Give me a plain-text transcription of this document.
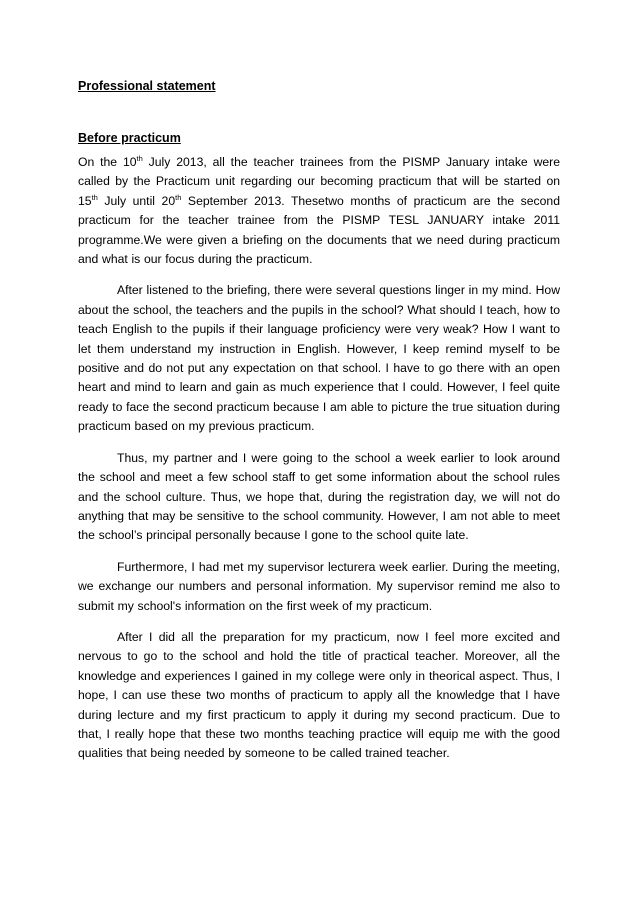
Professional statement

Before practicum

On the 10th July 2013, all the teacher trainees from the PISMP January intake were called by the Practicum unit regarding our becoming practicum that will be started on 15th July until 20th September 2013. Thesetwo months of practicum are the second practicum for the teacher trainee from the PISMP TESL JANUARY intake 2011 programme.We were given a briefing on the documents that we need during practicum and what is our focus during the practicum.

After listened to the briefing, there were several questions linger in my mind. How about the school, the teachers and the pupils in the school? What should I teach, how to teach English to the pupils if their language proficiency were very weak? How I want to let them understand my instruction in English. However, I keep remind myself to be positive and do not put any expectation on that school. I have to go there with an open heart and mind to learn and gain as much experience that I could. However, I feel quite ready to face the second practicum because I am able to picture the true situation during practicum based on my previous practicum.

Thus, my partner and I were going to the school a week earlier to look around the school and meet a few school staff to get some information about the school rules and the school culture. Thus, we hope that, during the registration day, we will not do anything that may be sensitive to the school community. However, I am not able to meet the school’s principal personally because I gone to the school quite late.

Furthermore, I had met my supervisor lecturera week earlier. During the meeting, we exchange our numbers and personal information. My supervisor remind me also to submit my school's information on the first week of my practicum.

After I did all the preparation for my practicum, now I feel more excited and nervous to go to the school and hold the title of practical teacher. Moreover, all the knowledge and experiences I gained in my college were only in theorical aspect. Thus, I hope, I can use these two months of practicum to apply all the knowledge that I have during lecture and my first practicum to apply it during my second practicum. Due to that, I really hope that these two months teaching practice will equip me with the good qualities that being needed by someone to be called trained teacher.
